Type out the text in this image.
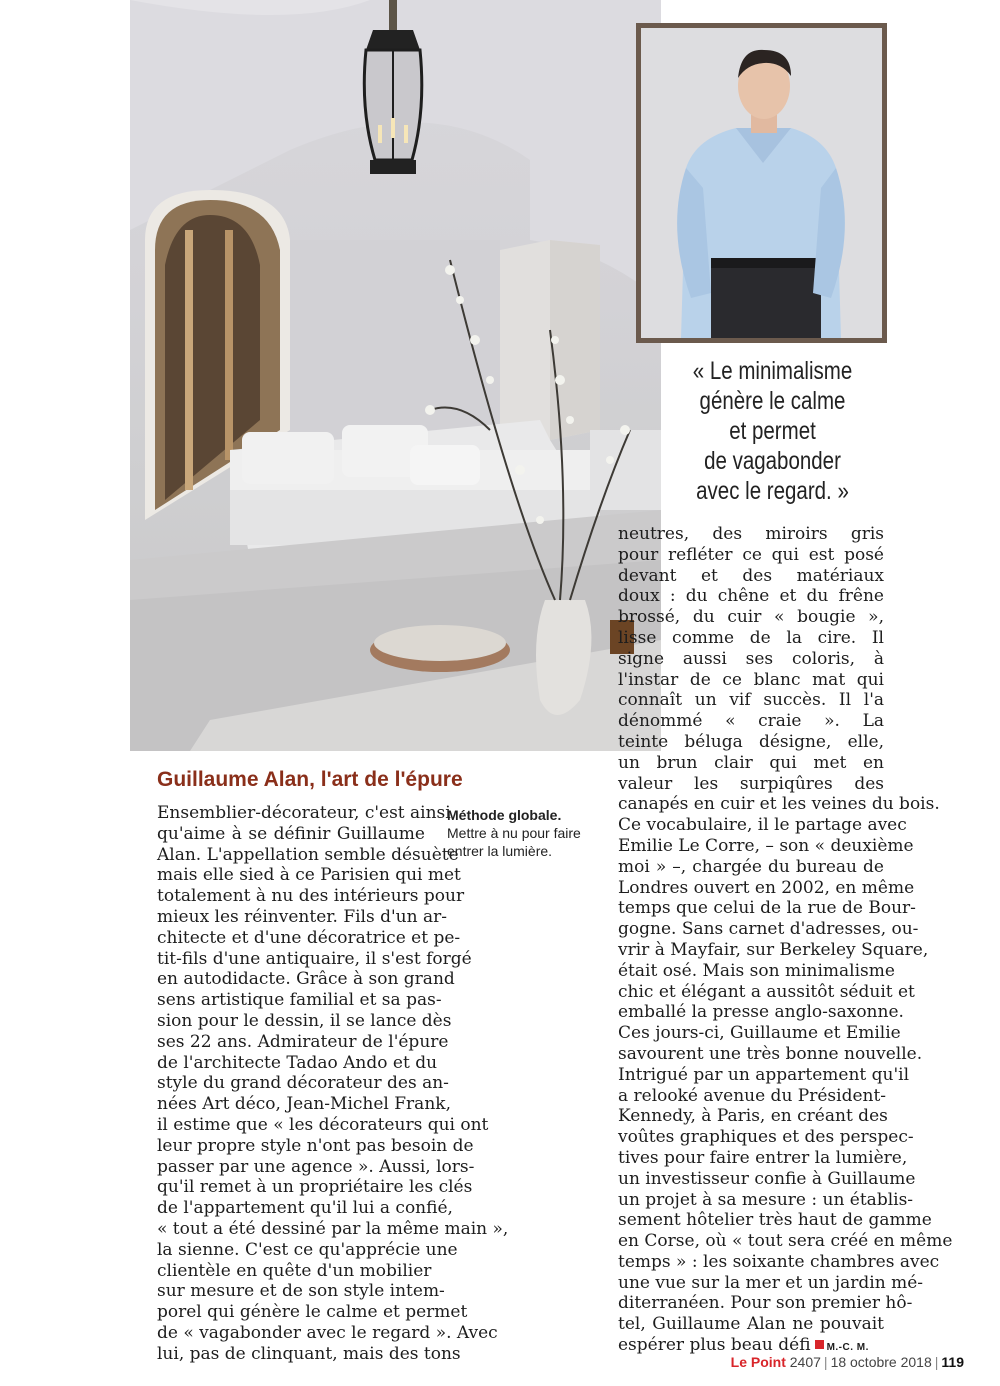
« Le minimalisme
génère le calme
et permet
de vagabonder
avec le regard. »
Guillaume Alan, l'art de l'épure
Ensemblier-décorateur, c'est ainsi
qu'aime à se définir Guillaume
Alan. L'appellation semble désuète
mais elle sied à ce Parisien qui met
totalement à nu des intérieurs pour
mieux les réinventer. Fils d'un ar-
chitecte et d'une décoratrice et pe-
tit-fils d'une antiquaire, il s'est forgé
en autodidacte. Grâce à son grand
sens artistique familial et sa pas-
sion pour le dessin, il se lance dès
ses 22 ans. Admirateur de l'épure
de l'architecte Tadao Ando et du
style du grand décorateur des an-
nées Art déco, Jean-Michel Frank,
il estime que « les décorateurs qui ont
leur propre style n'ont pas besoin de
passer par une agence ». Aussi, lors-
qu'il remet à un propriétaire les clés
de l'appartement qu'il lui a confié,
« tout a été dessiné par la même main »,
la sienne. C'est ce qu'apprécie une
clientèle en quête d'un mobilier
sur mesure et de son style intem-
porel qui génère le calme et permet
de « vagabonder avec le regard ». Avec
lui, pas de clinquant, mais des tons
Méthode globale.
Mettre à nu pour faire
entrer la lumière.
neutres, des miroirs gris
pour refléter ce qui est posé
devant et des matériaux
doux : du chêne et du frêne
brossé, du cuir « bougie »,
lisse comme de la cire. Il
signe aussi ses coloris, à
l'instar de ce blanc mat qui
connaît un vif succès. Il l'a
dénommé « craie ». La
teinte béluga désigne, elle,
un brun clair qui met en
valeur les surpiqûres des
canapés en cuir et les veines du bois.
Ce vocabulaire, il le partage avec
Emilie Le Corre, – son « deuxième
moi » –, chargée du bureau de
Londres ouvert en 2002, en même
temps que celui de la rue de Bour-
gogne. Sans carnet d'adresses, ou-
vrir à Mayfair, sur Berkeley Square,
était osé. Mais son minimalisme
chic et élégant a aussitôt séduit et
emballé la presse anglo-saxonne.
Ces jours-ci, Guillaume et Emilie
savourent une très bonne nouvelle.
Intrigué par un appartement qu'il
a relooké avenue du Président-
Kennedy, à Paris, en créant des
voûtes graphiques et des perspec-
tives pour faire entrer la lumière,
un investisseur confie à Guillaume
un projet à sa mesure : un établis-
sement hôtelier très haut de gamme
en Corse, où « tout sera créé en même
temps » : les soixante chambres avec
une vue sur la mer et un jardin mé-
diterranéen. Pour son premier hô-
tel, Guillaume Alan ne pouvait
espérer plus beau défi M.-C. M.
Le Point 2407 | 18 octobre 2018 | 119
